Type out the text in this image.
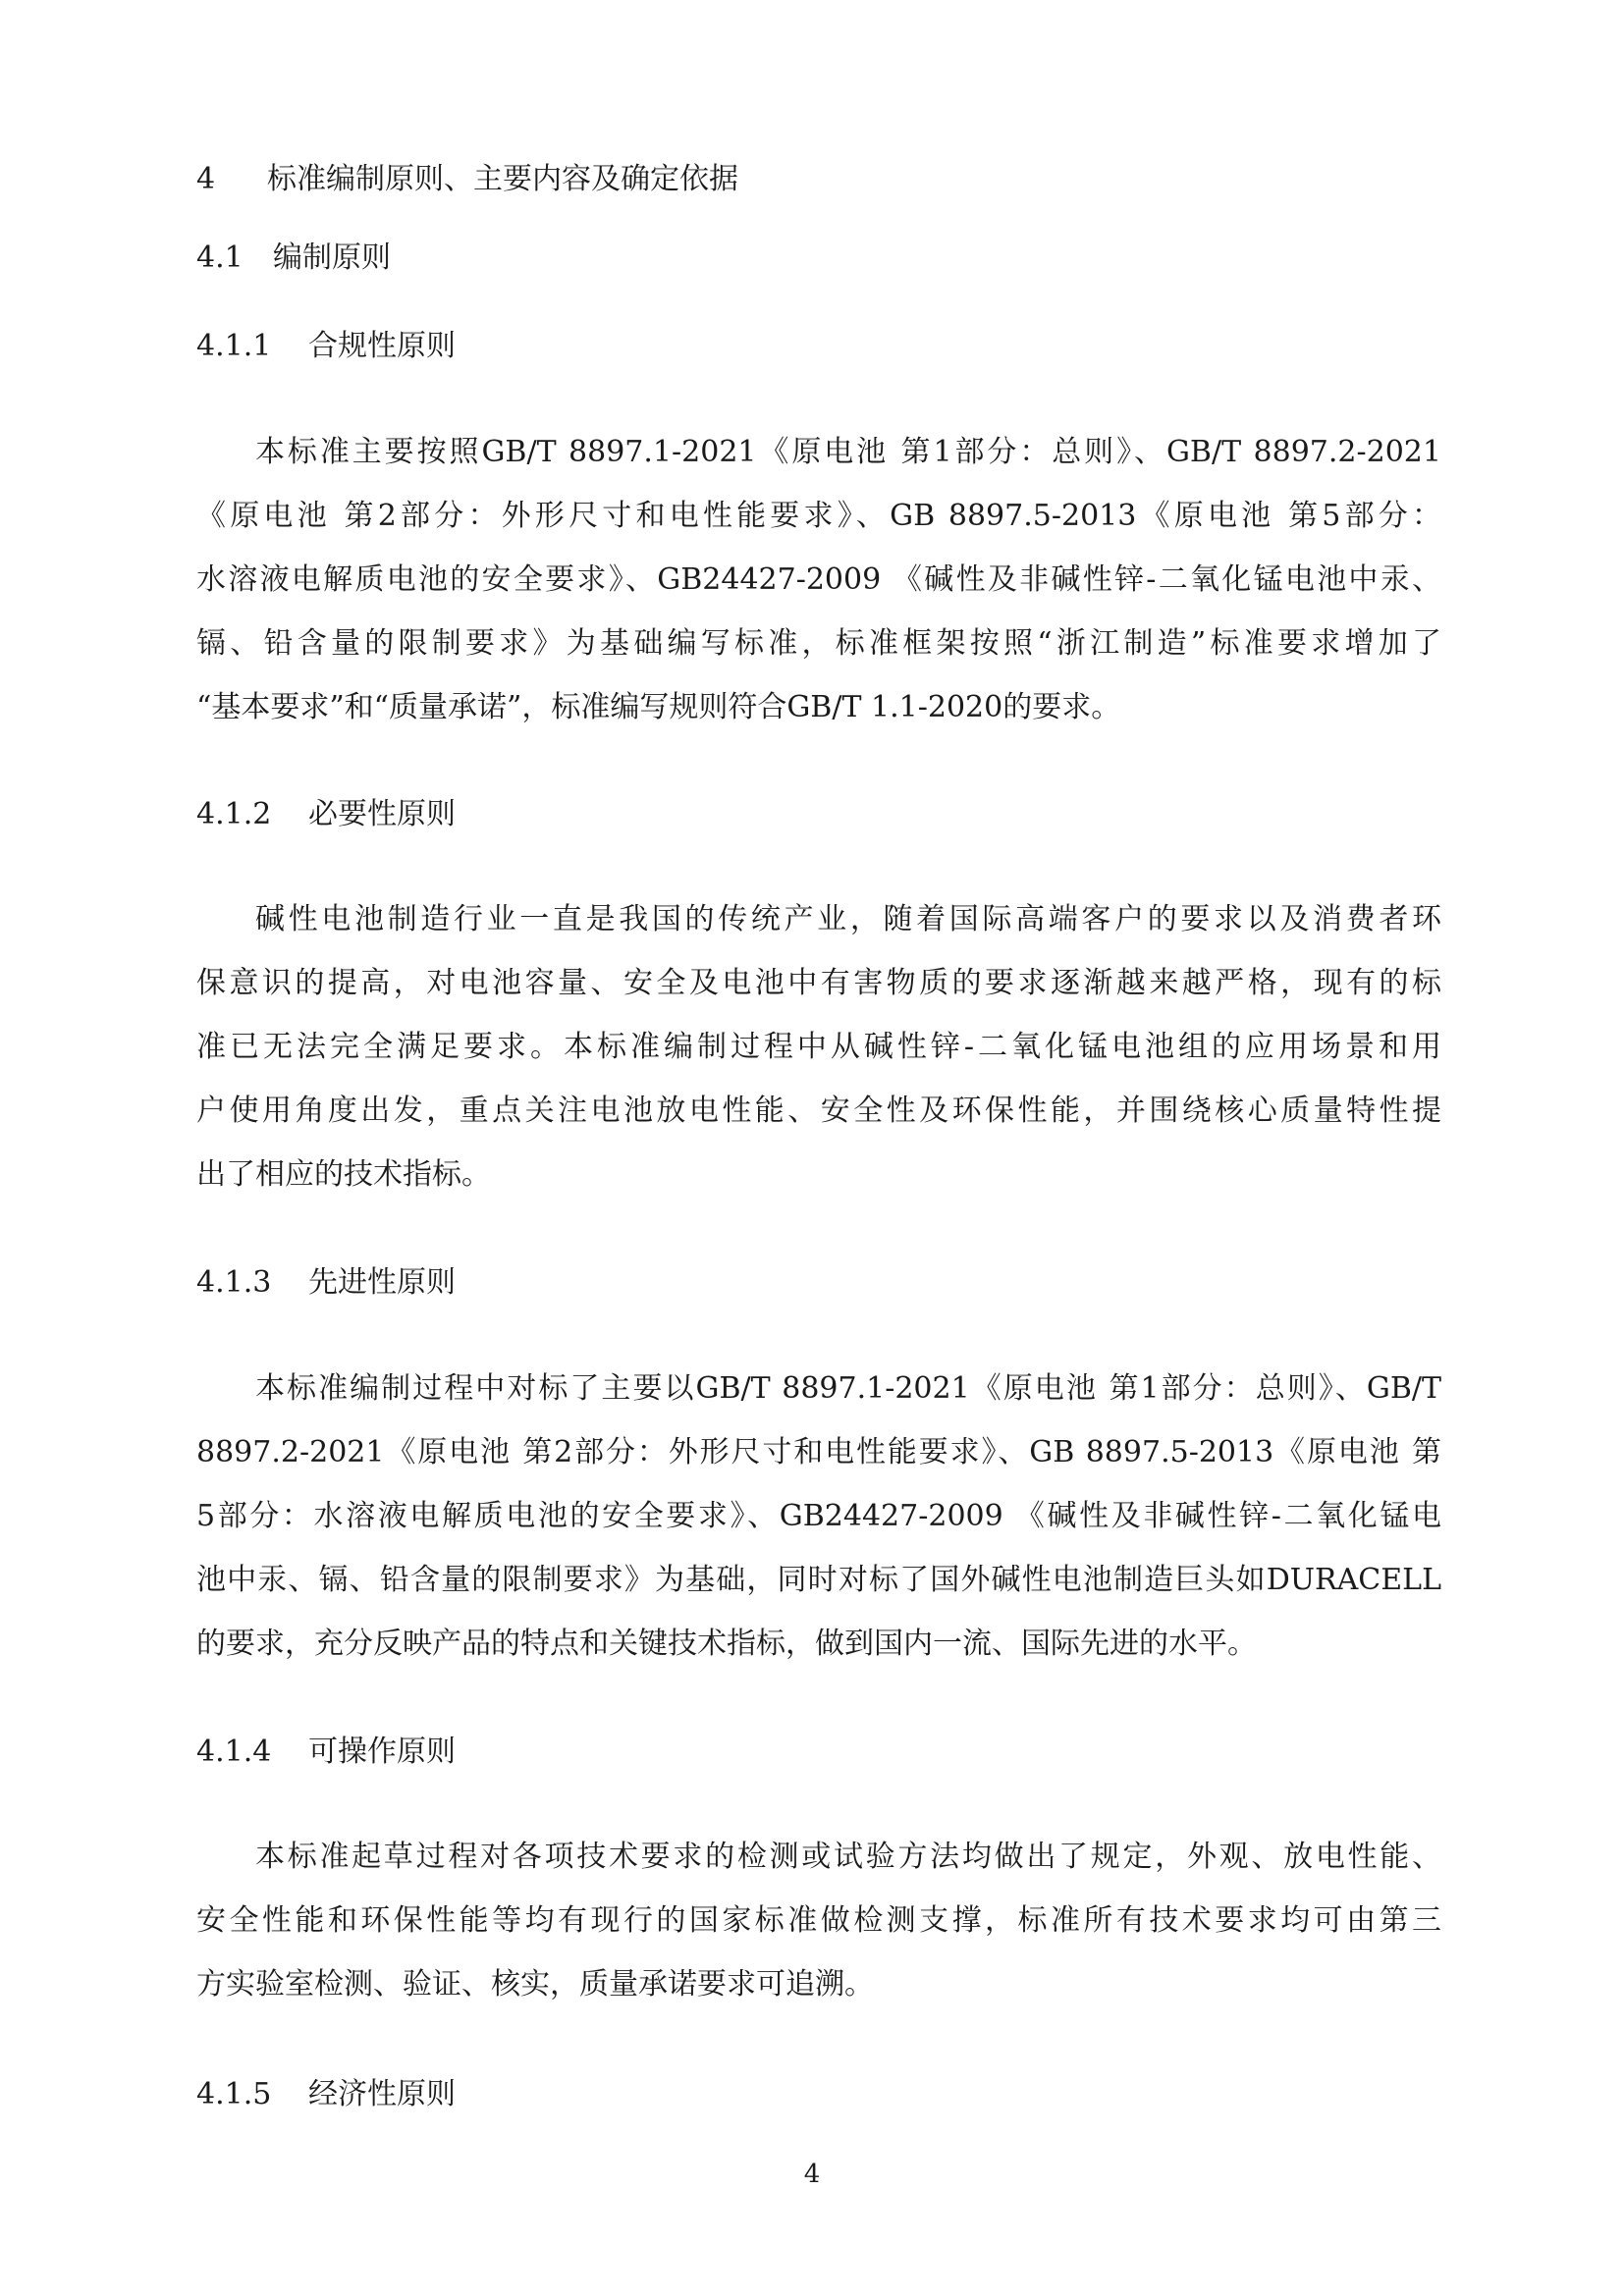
4 标准编制原则、主要内容及确定依据
4.1 编制原则
4.1.1 合规性原则
本标准主要按照GB/T 8897.1-2021《原电池 第1部分：总则》、GB/T 8897.2-2021
《原电池 第2部分：外形尺寸和电性能要求》、GB 8897.5-2013《原电池 第5部分：
水溶液电解质电池的安全要求》、GB24427-2009 《碱性及非碱性锌-二氧化锰电池中汞、
镉、铅含量的限制要求》为基础编写标准，标准框架按照“浙江制造”标准要求增加了
“基本要求”和“质量承诺”，标准编写规则符合GB/T 1.1-2020的要求。
4.1.2 必要性原则
碱性电池制造行业一直是我国的传统产业，随着国际高端客户的要求以及消费者环
保意识的提高，对电池容量、安全及电池中有害物质的要求逐渐越来越严格，现有的标
准已无法完全满足要求。本标准编制过程中从碱性锌-二氧化锰电池组的应用场景和用
户使用角度出发，重点关注电池放电性能、安全性及环保性能，并围绕核心质量特性提
出了相应的技术指标。
4.1.3 先进性原则
本标准编制过程中对标了主要以GB/T 8897.1-2021《原电池 第1部分：总则》、GB/T
8897.2-2021《原电池 第2部分：外形尺寸和电性能要求》、GB 8897.5-2013《原电池 第
5部分：水溶液电解质电池的安全要求》、GB24427-2009 《碱性及非碱性锌-二氧化锰电
池中汞、镉、铅含量的限制要求》为基础，同时对标了国外碱性电池制造巨头如DURACELL
的要求，充分反映产品的特点和关键技术指标，做到国内一流、国际先进的水平。
4.1.4 可操作原则
本标准起草过程对各项技术要求的检测或试验方法均做出了规定，外观、放电性能、
安全性能和环保性能等均有现行的国家标准做检测支撑，标准所有技术要求均可由第三
方实验室检测、验证、核实，质量承诺要求可追溯。
4.1.5 经济性原则
4
